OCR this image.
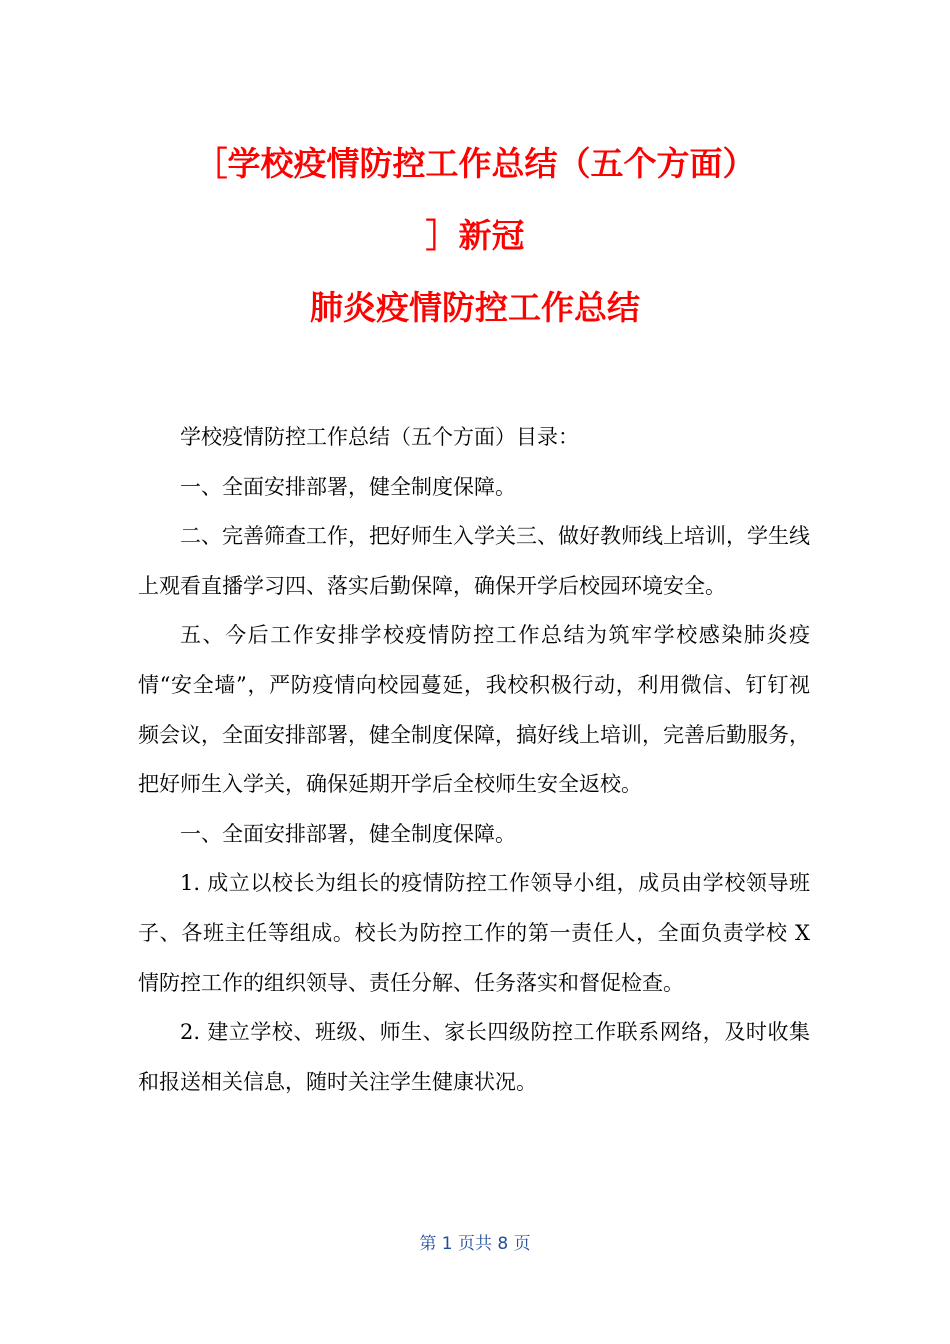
［学校疫情防控工作总结（五个方面）
］新冠
肺炎疫情防控工作总结

学校疫情防控工作总结（五个方面）目录：

一、全面安排部署，健全制度保障。

二、完善筛查工作，把好师生入学关三、做好教师线上培训，学生线上观看直播学习四、落实后勤保障，确保开学后校园环境安全。

五、今后工作安排学校疫情防控工作总结为筑牢学校感染肺炎疫情“安全墙”，严防疫情向校园蔓延，我校积极行动，利用微信、钉钉视频会议，全面安排部署，健全制度保障，搞好线上培训，完善后勤服务，把好师生入学关，确保延期开学后全校师生安全返校。

一、全面安排部署，健全制度保障。

1. 成立以校长为组长的疫情防控工作领导小组，成员由学校领导班子、各班主任等组成。校长为防控工作的第一责任人，全面负责学校 X 情防控工作的组织领导、责任分解、任务落实和督促检查。

2. 建立学校、班级、师生、家长四级防控工作联系网络，及时收集和报送相关信息，随时关注学生健康状况。

第 1 页共 8 页
